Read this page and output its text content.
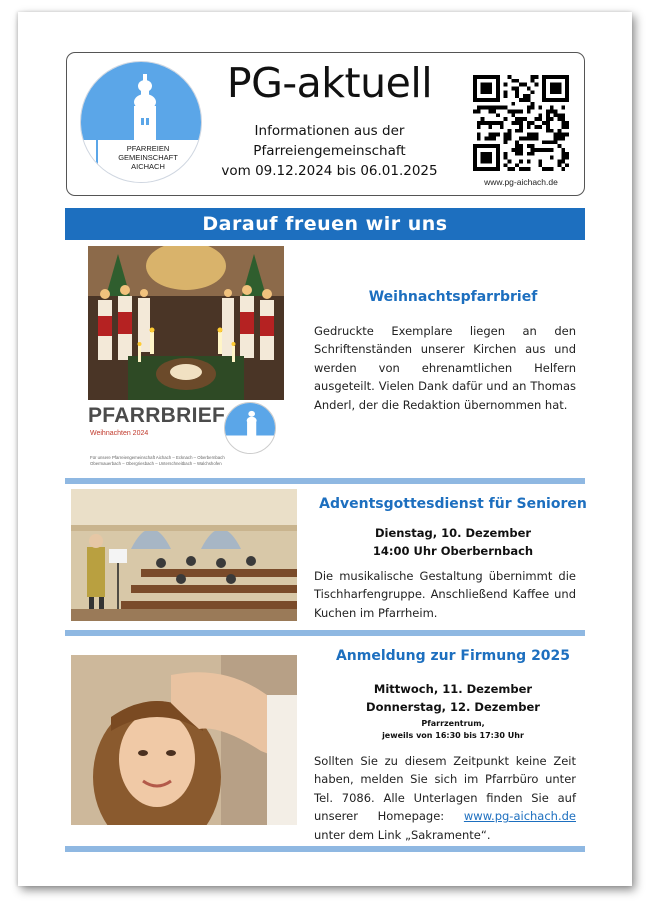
PFARREIEN
GEMEINSCHAFT
AICHACH
PG-aktuell
Informationen aus der
Pfarreiengemeinschaft
vom 09.12.2024 bis 06.01.2025
www.pg-aichach.de
Darauf freuen wir uns
PFARRBRIEF
Weihnachten 2024
Für unsere Pfarreiengemeinschaft Aichach – Ecknach – Oberbernbach
Obermauerbach – Obergriesbach – Unterschneitbach – Walchshofen
Weihnachtspfarrbrief
Gedruckte Exemplare liegen an den Schriftenständen unserer Kirchen aus und werden von ehrenamtlichen Helfern ausgeteilt. Vielen Dank dafür und an Thomas Anderl, der die Redaktion übernommen hat.
Adventsgottesdienst für Senioren
Dienstag, 10. Dezember
14:00 Uhr Oberbernbach
Die musikalische Gestaltung übernimmt die Tischharfengruppe. Anschließend Kaffee und Kuchen im Pfarrheim.
Anmeldung zur Firmung 2025
Mittwoch, 11. Dezember
Donnerstag, 12. Dezember
Pfarrzentrum,
jeweils von 16:30 bis 17:30 Uhr
Sollten Sie zu diesem Zeitpunkt keine Zeit haben, melden Sie sich im Pfarrbüro unter Tel. 7086. Alle Unterlagen finden Sie auf unserer Homepage: www.pg-aichach.de unter dem Link „Sakramente“.
